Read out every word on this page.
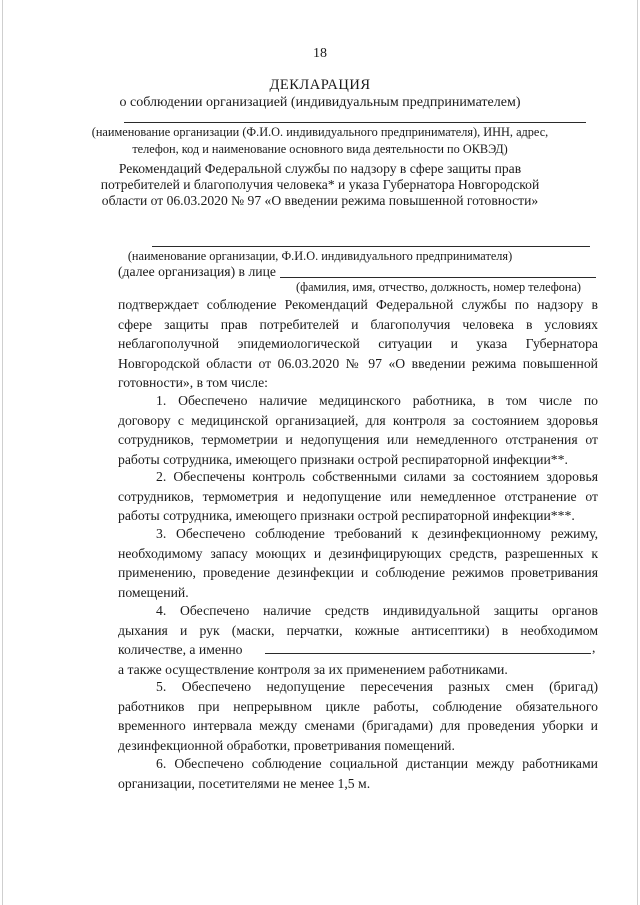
18
ДЕКЛАРАЦИЯ
о соблюдении организацией (индивидуальным предпринимателем)
(наименование организации (Ф.И.О. индивидуального предпринимателя), ИНН, адрес,
телефон, код и наименование основного вида деятельности по ОКВЭД)
Рекомендаций Федеральной службы по надзору в сфере защиты прав
потребителей и благополучия человека* и указа Губернатора Новгородской
области от 06.03.2020 № 97 «О введении режима повышенной готовности»
(наименование организации, Ф.И.О. индивидуального предпринимателя)
(далее организация) в лице
(фамилия, имя, отчество, должность, номер телефона)
подтверждает соблюдение Рекомендаций Федеральной службы по надзору в
сфере защиты прав потребителей и благополучия человека в условиях
неблагополучной эпидемиологической ситуации и указа Губернатора
Новгородской области от 06.03.2020 № 97 «О введении режима повышенной
готовности», в том числе:
1. Обеспечено наличие медицинского работника, в том числе по
договору с медицинской организацией, для контроля за состоянием здоровья
сотрудников, термометрии и недопущения или немедленного отстранения от
работы сотрудника, имеющего признаки острой респираторной инфекции**.
2. Обеспечены контроль собственными силами за состоянием здоровья
сотрудников, термометрия и недопущение или немедленное отстранение от
работы сотрудника, имеющего признаки острой респираторной инфекции***.
3. Обеспечено соблюдение требований к дезинфекционному режиму,
необходимому запасу моющих и дезинфицирующих средств, разрешенных к
применению, проведение дезинфекции и соблюдение режимов проветривания
помещений.
4. Обеспечено наличие средств индивидуальной защиты органов
дыхания и рук (маски, перчатки, кожные антисептики) в необходимом
количестве, а именно
а также осуществление контроля за их применением работниками.
,
5. Обеспечено недопущение пересечения разных смен (бригад)
работников при непрерывном цикле работы, соблюдение обязательного
временного интервала между сменами (бригадами) для проведения уборки и
дезинфекционной обработки, проветривания помещений.
6. Обеспечено соблюдение социальной дистанции между работниками
организации, посетителями не менее 1,5 м.
